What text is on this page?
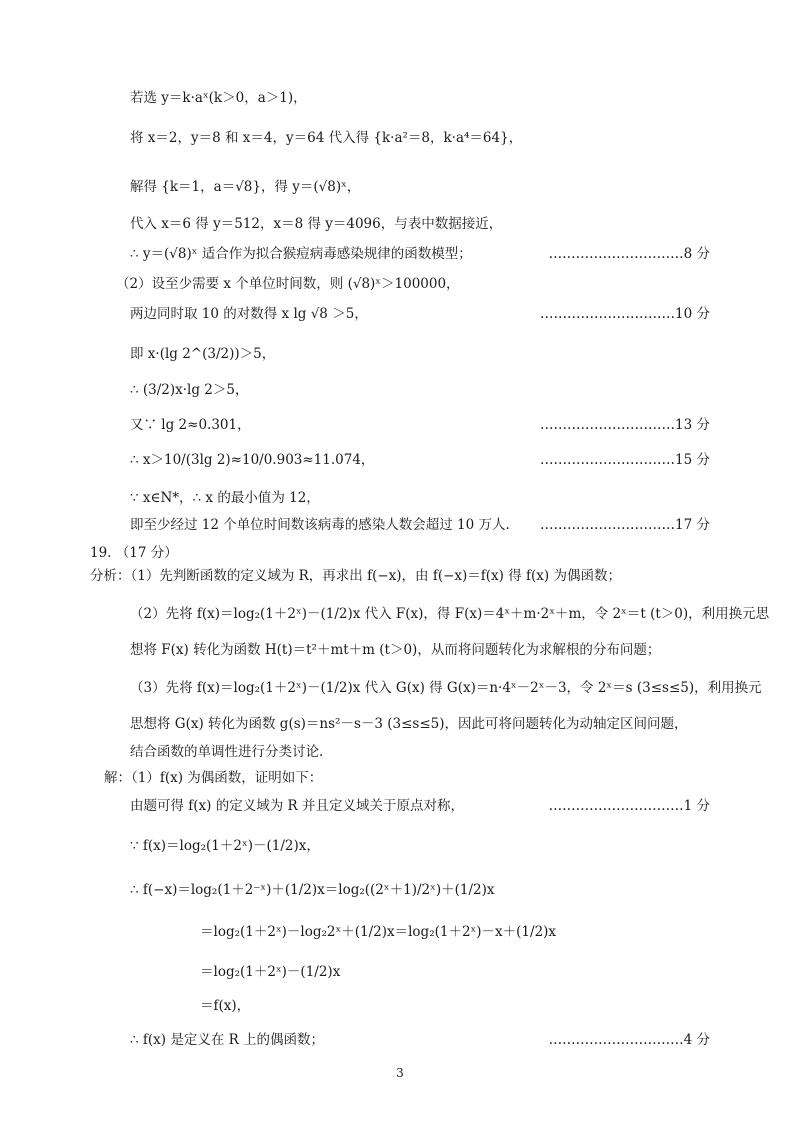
若选 y＝k·aˣ(k＞0，a＞1)，
将 x＝2，y＝8 和 x＝4，y＝64 代入得 {k·a²＝8，k·a⁴＝64}，
解得 {k＝1，a＝√8}，得 y＝(√8)ˣ，
代入 x＝6 得 y＝512，x＝8 得 y＝4096，与表中数据接近，
∴ y＝(√8)ˣ 适合作为拟合猴痘病毒感染规律的函数模型；	…………………………8 分
（2）设至少需要 x 个单位时间数，则 (√8)ˣ＞100000，
两边同时取 10 的对数得 x lg √8 ＞5，	…………………………10 分
即 x·(lg 2^(3/2))＞5，
∴ (3/2)x·lg 2＞5，
又∵ lg 2≈0.301，	…………………………13 分
∴ x＞10/(3lg 2)≈10/0.903≈11.074，	…………………………15 分
∵ x∈N*，∴ x 的最小值为 12，
即至少经过 12 个单位时间数该病毒的感染人数会超过 10 万人. …………………………17 分
19. （17 分）
分析：（1）先判断函数的定义域为 R，再求出 f(−x)，由 f(−x)＝f(x) 得 f(x) 为偶函数；
（2）先将 f(x)＝log₂(1＋2ˣ)－(1/2)x 代入 F(x)，得 F(x)＝4ˣ＋m·2ˣ＋m，令 2ˣ＝t (t＞0)，利用换元思
想将 F(x) 转化为函数 H(t)＝t²＋mt＋m (t＞0)，从而将问题转化为求解根的分布问题；
（3）先将 f(x)＝log₂(1＋2ˣ)－(1/2)x 代入 G(x) 得 G(x)＝n·4ˣ－2ˣ－3，令 2ˣ＝s (3≤s≤5)，利用换元
思想将 G(x) 转化为函数 g(s)＝ns²－s－3 (3≤s≤5)，因此可将问题转化为动轴定区间问题，
结合函数的单调性进行分类讨论.
解：（1）f(x) 为偶函数，证明如下：
由题可得 f(x) 的定义域为 R 并且定义域关于原点对称，	…………………………1 分
∵ f(x)＝log₂(1＋2ˣ)－(1/2)x，
∴ f(−x)＝log₂(1＋2⁻ˣ)＋(1/2)x＝log₂((2ˣ＋1)/2ˣ)＋(1/2)x
＝log₂(1＋2ˣ)－log₂2ˣ＋(1/2)x＝log₂(1＋2ˣ)－x＋(1/2)x
＝log₂(1＋2ˣ)－(1/2)x
＝f(x)，
∴ f(x) 是定义在 R 上的偶函数；	…………………………4 分
3
